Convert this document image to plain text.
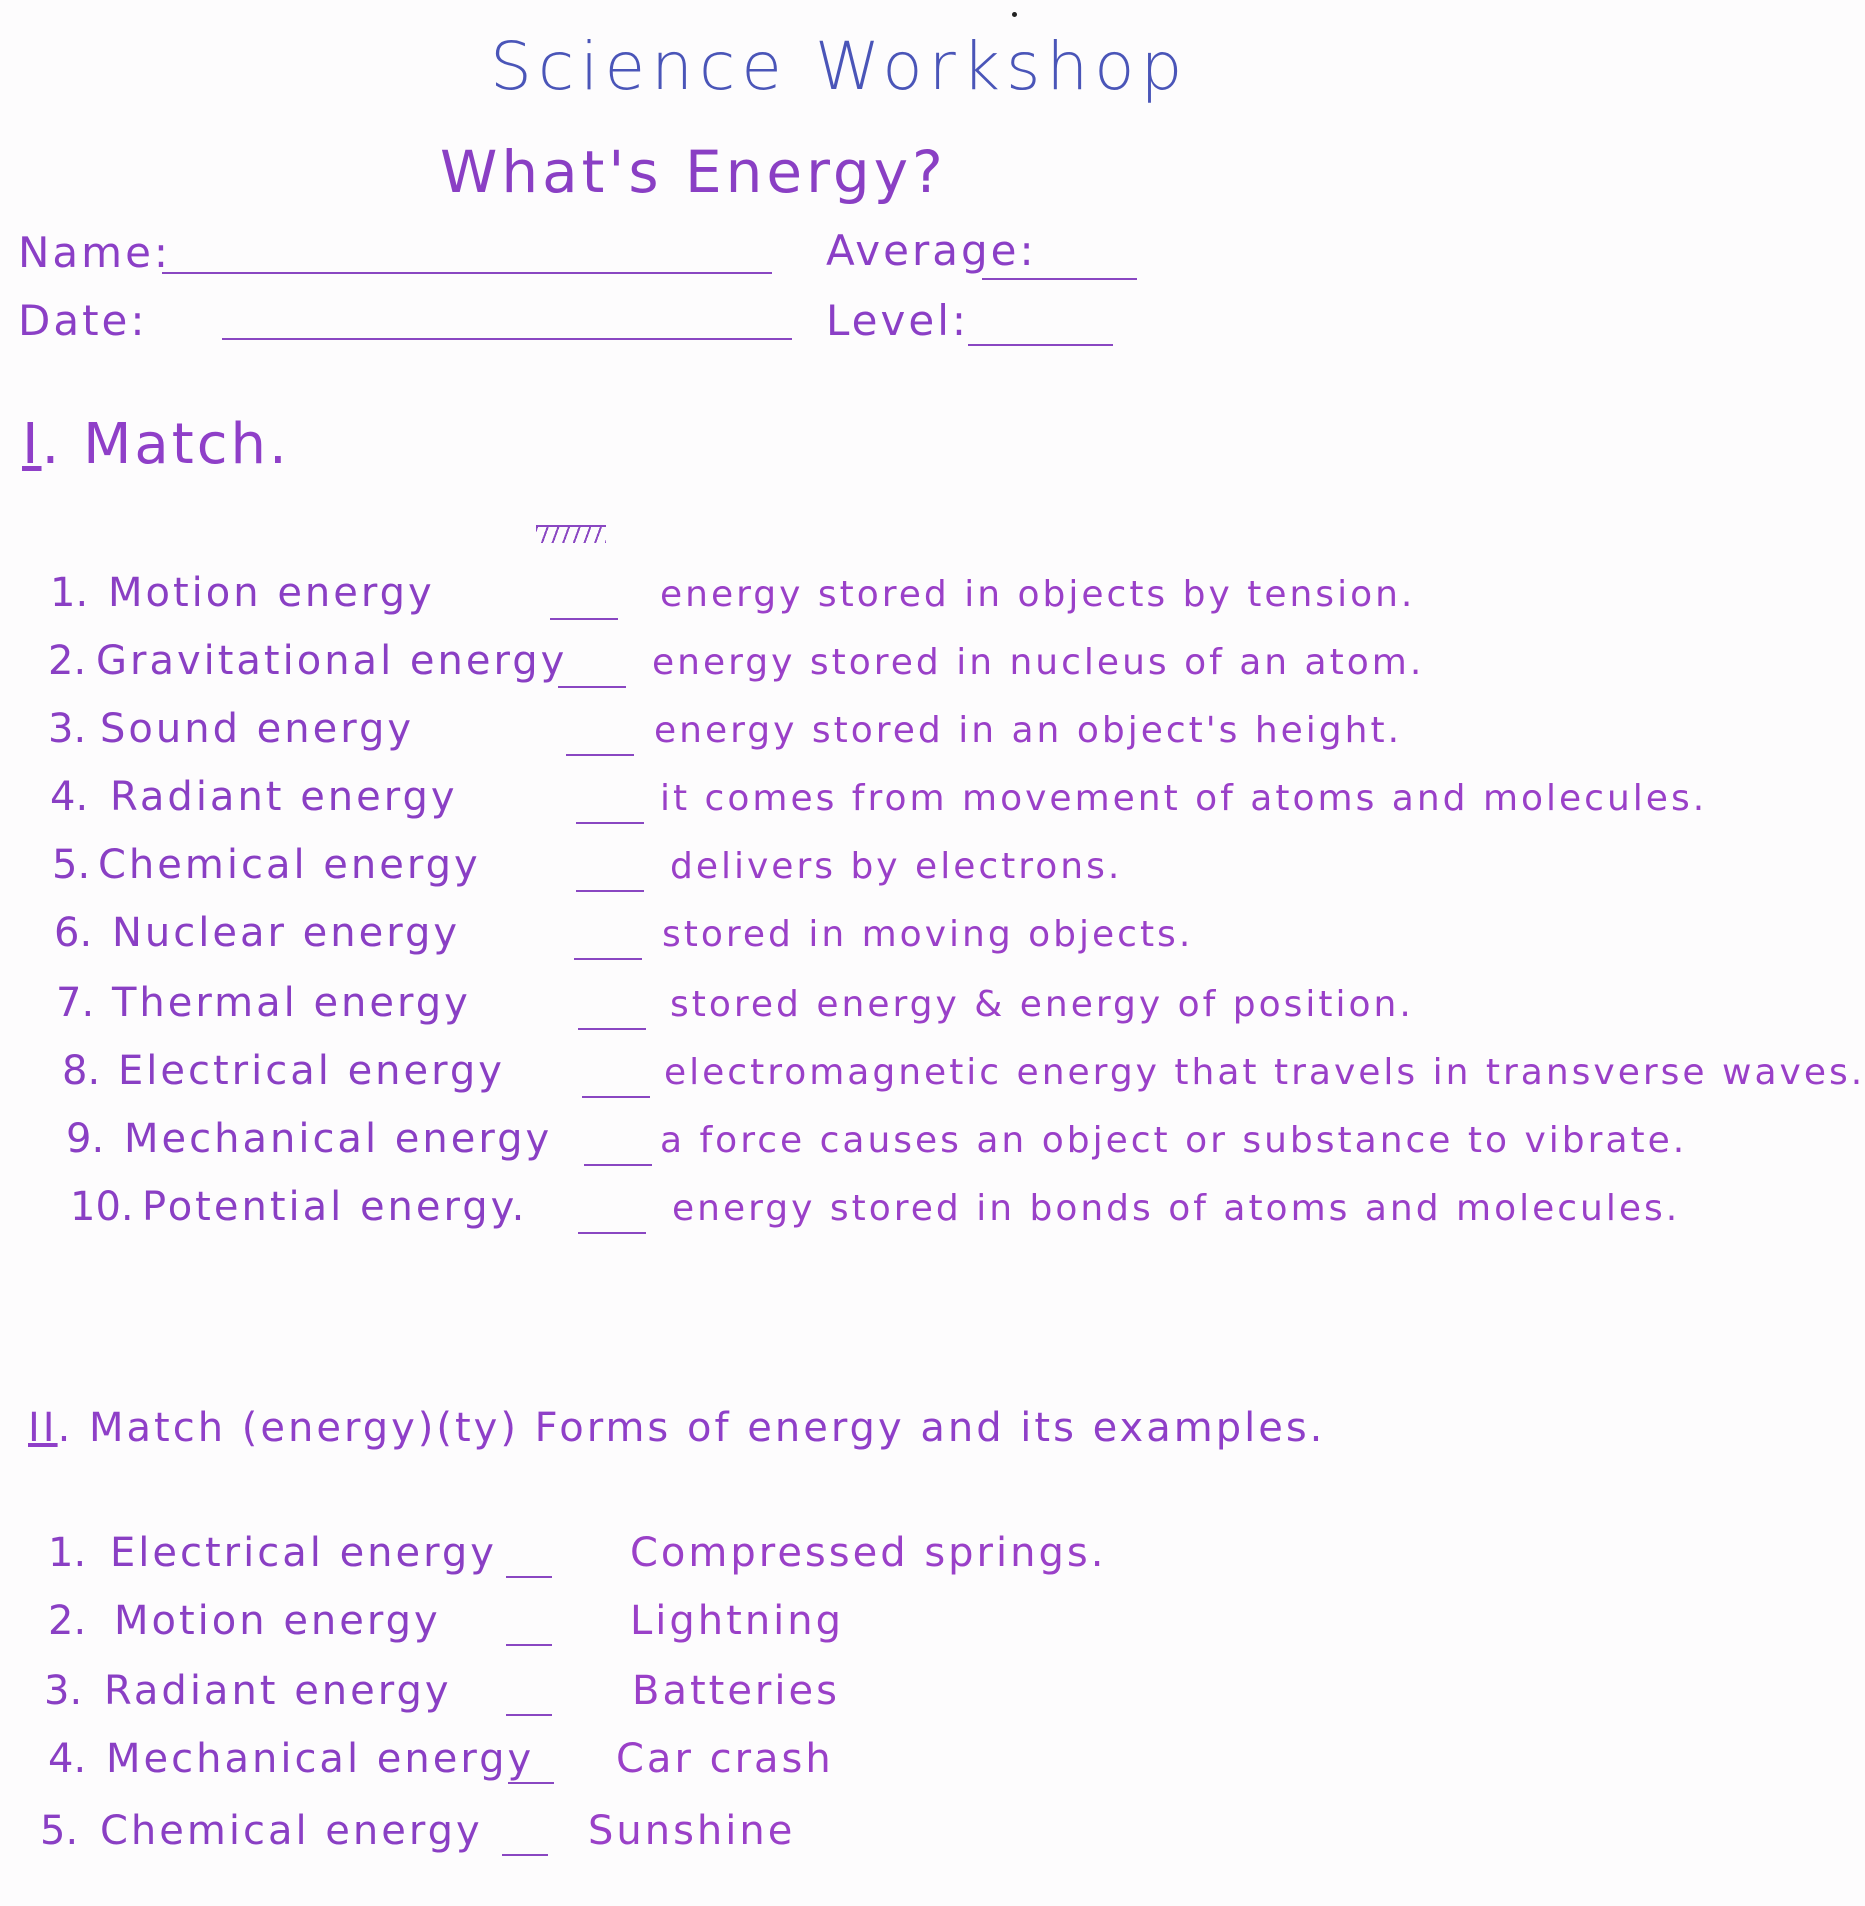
Science Workshop
What's Energy?
Name:
Date:
Average:
Level:
I. Match.
1. Motion energy	energy stored in objects by tension.
2. Gravitational energy energy stored in nucleus of an atom.
3. Sound energy	energy stored in an object's height.
4. Radiant energy	it comes from movement of atoms and molecules.
5. Chemical energy	delivers by electrons.
6. Nuclear energy	stored in moving objects.
7. Thermal energy	stored energy & energy of position.
8. Electrical energy	electromagnetic energy that travels in transverse waves.
9. Mechanical energy	a force causes an object or substance to vibrate.
10. Potential energy.	energy stored in bonds of atoms and molecules.
II. Match (energy)(ty) Forms of energy and its examples.
1. Electrical energy	Compressed springs.
2. Motion energy	Lightning
3. Radiant energy	Batteries
4. Mechanical energy Car crash
5. Chemical energy	Sunshine
